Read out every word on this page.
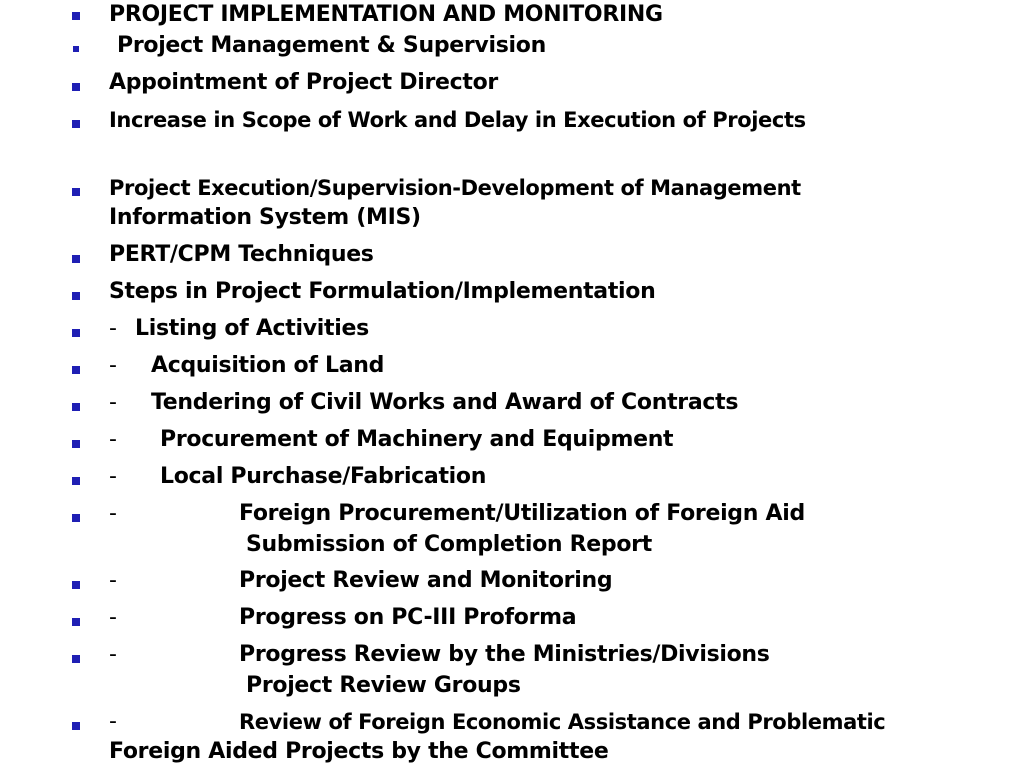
PROJECT IMPLEMENTATION AND MONITORING
Project Management & Supervision
Appointment of Project Director
Increase in Scope of Work and Delay in Execution of Projects
Project Execution/Supervision-Development of Management
Information System (MIS)
PERT/CPM Techniques
Steps in Project Formulation/Implementation
- Listing of Activities
- Acquisition of Land
- Tendering of Civil Works and Award of Contracts
- Procurement of Machinery and Equipment
- Local Purchase/Fabrication
-	Foreign Procurement/Utilization of Foreign Aid
Submission of Completion Report
-	Project Review and Monitoring
-	Progress on PC-III Proforma
-	Progress Review by the Ministries/Divisions
Project Review Groups
-	Review of Foreign Economic Assistance and Problematic
Foreign Aided Projects by the Committee
